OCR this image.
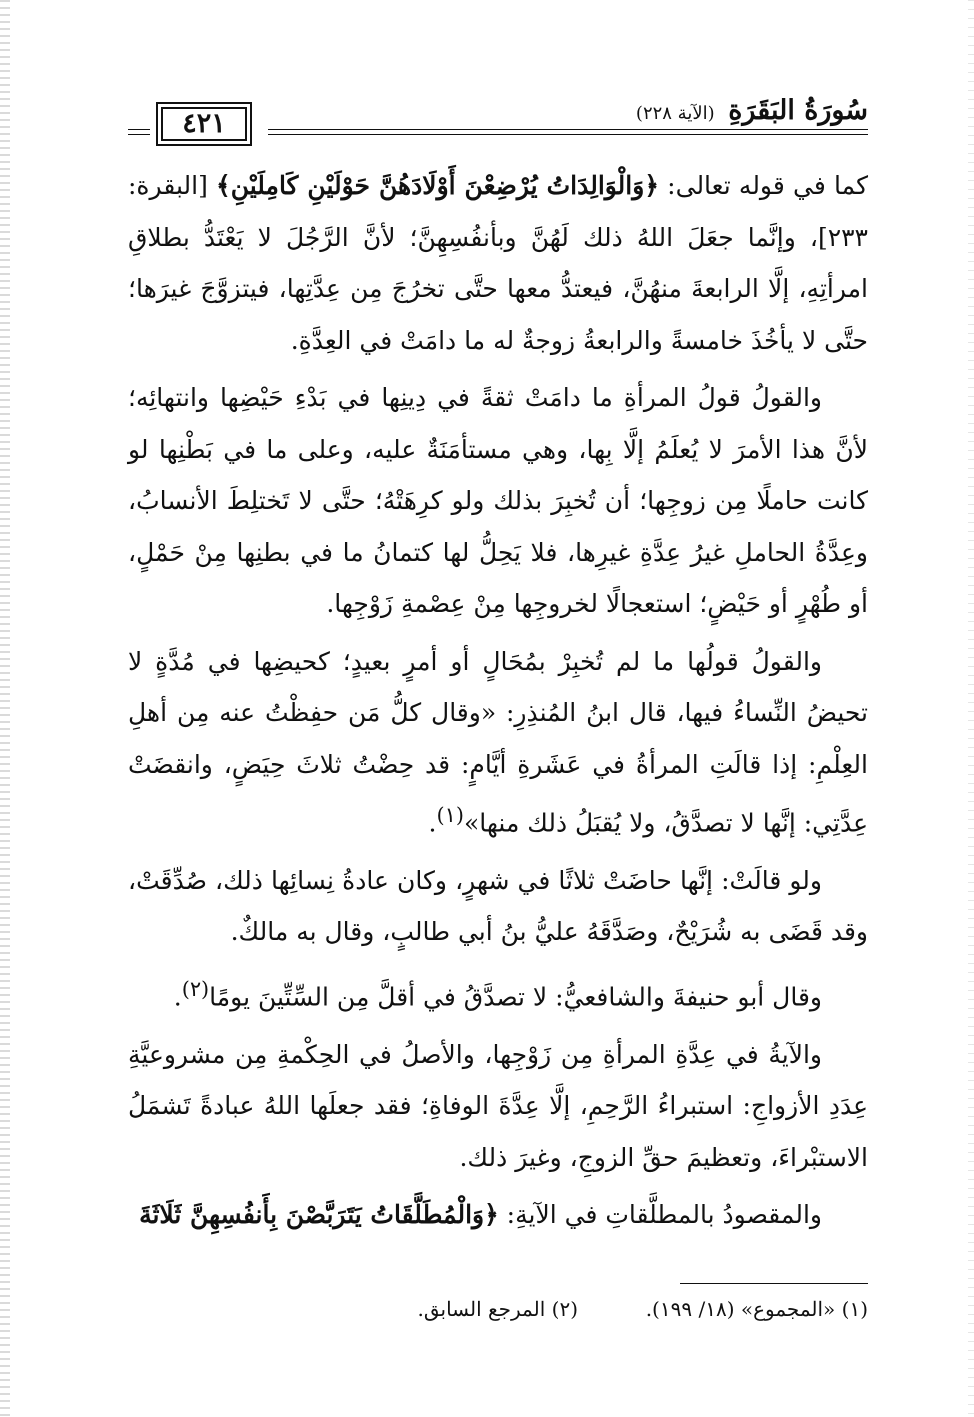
سُورَةُ البَقَرَةِ (الآية ٢٢٨)
٤٢١

كما في قوله تعالى: ﴿وَالْوَالِدَاتُ يُرْضِعْنَ أَوْلَادَهُنَّ حَوْلَيْنِ كَامِلَيْنِ﴾ [البقرة: ٢٣٣]، وإنَّما جعَلَ اللهُ ذلك لَهُنَّ وبأنفُسِهِنَّ؛ لأنَّ الرَّجُلَ لا يَعْتَدُّ بطلاقِ امرأتِهِ، إلَّا الرابعةَ منهُنَّ، فيعتدُّ معها حتَّى تخرُجَ مِن عِدَّتِها، فيتزوَّجَ غيرَها؛ حتَّى لا يأخُذَ خامسةً والرابعةُ زوجةٌ له ما دامَتْ في العِدَّةِ.

والقولُ قولُ المرأةِ ما دامَتْ ثقةً في دِينِها في بَدْءِ حَيْضِها وانتهائِه؛ لأنَّ هذا الأمرَ لا يُعلَمُ إلَّا بِها، وهي مستأمَنَةٌ عليه، وعلى ما في بَطْنِها لو كانت حاملًا مِن زوجِها؛ أن تُخبِرَ بذلك ولو كرِهَتْهُ؛ حتَّى لا تَختلِطَ الأنسابُ، وعِدَّةُ الحاملِ غيرُ عِدَّةِ غيرِها، فلا يَحِلُّ لها كتمانُ ما في بطنِها مِنْ حَمْلٍ، أو طُهْرٍ أو حَيْضٍ؛ استعجالًا لخروجِها مِنْ عِصْمةِ زَوْجِها.

والقولُ قولُها ما لم تُخبِرْ بمُحَالٍ أو أمرٍ بعيدٍ؛ كحيضِها في مُدَّةٍ لا تحيضُ النِّساءُ فيها، قال ابنُ المُنذِرِ: «وقال كلُّ مَن حفِظْتُ عنه مِن أهلِ العِلْمِ: إذا قالَتِ المرأةُ في عَشَرةِ أيَّامٍ: قد حِضْتُ ثلاثَ حِيَضٍ، وانقضَتْ عِدَّتِي: إنَّها لا تصدَّقُ، ولا يُقبَلُ ذلك منها»$^{(١)}$.

ولو قالَتْ: إنَّها حاضَتْ ثلاثًا في شهرٍ، وكان عادةُ نِسائِها ذلك، صُدِّقَتْ، وقد قَضَى به شُرَيْحٌ، وصَدَّقَهُ عليُّ بنُ أبي طالبٍ، وقال به مالكٌ.

وقال أبو حنيفةَ والشافعيُّ: لا تصدَّقُ في أقلَّ مِن السِّتِّينَ يومًا$^{(٢)}$.

والآيةُ في عِدَّةِ المرأةِ مِن زَوْجِها، والأصلُ في الحِكْمةِ مِن مشروعيَّةِ عِدَدِ الأزواجِ: استبراءُ الرَّحِمِ، إلَّا عِدَّةَ الوفاةِ؛ فقد جعلَها اللهُ عبادةً تَشمَلُ الاستبْراءَ، وتعظيمَ حقِّ الزوجِ، وغيرَ ذلك.

والمقصودُ بالمطلَّقاتِ في الآيةِ: ﴿وَالْمُطَلَّقَاتُ يَتَرَبَّصْنَ بِأَنفُسِهِنَّ ثَلَاثَةَ

(١) «المجموع» (١٨/ ١٩٩).
(٢) المرجع السابق.
